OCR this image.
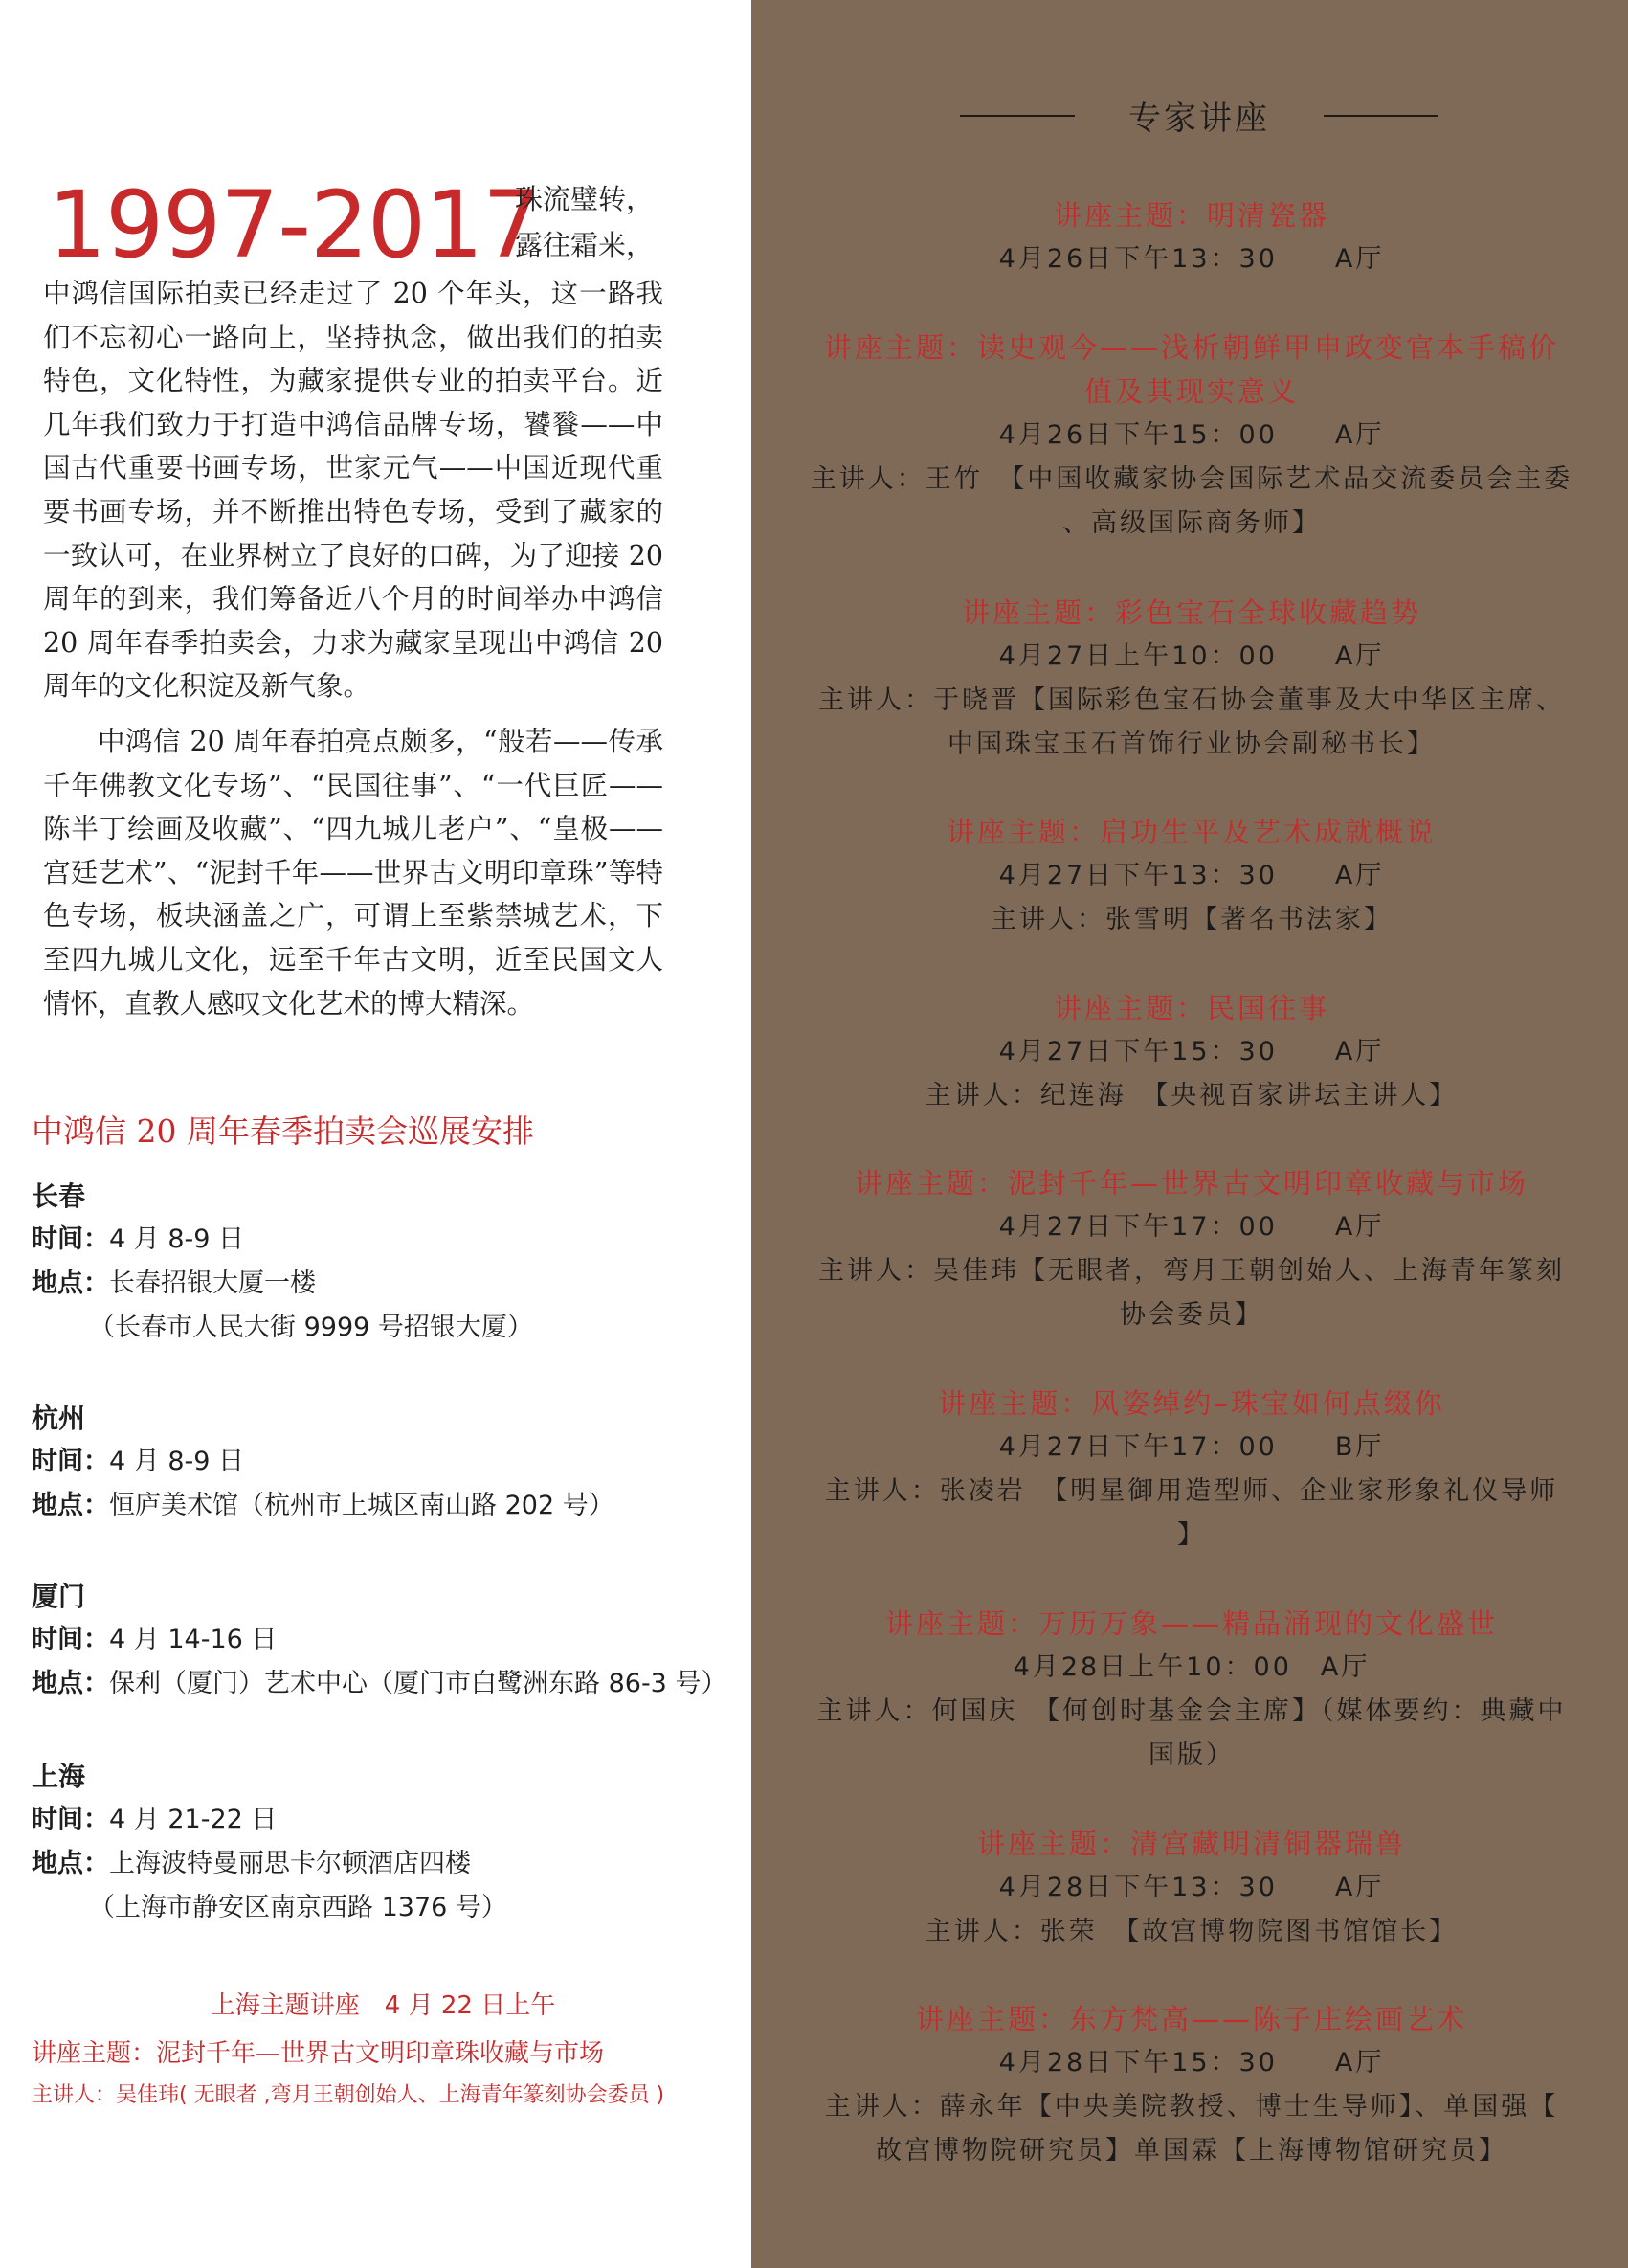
1997-2017
珠流璧转，
露往霜来，

中鸿信国际拍卖已经走过了 20 个年头，这一路我们不忘初心一路向上，坚持执念，做出我们的拍卖特色，文化特性，为藏家提供专业的拍卖平台。近几年我们致力于打造中鸿信品牌专场，饕餮——中国古代重要书画专场，世家元气——中国近现代重要书画专场，并不断推出特色专场，受到了藏家的一致认可，在业界树立了良好的口碑，为了迎接 20 周年的到来，我们筹备近八个月的时间举办中鸿信 20 周年春季拍卖会，力求为藏家呈现出中鸿信 20 周年的文化积淀及新气象。

中鸿信 20 周年春拍亮点颇多，“般若——传承千年佛教文化专场”、“民国往事”、“一代巨匠——陈半丁绘画及收藏”、“四九城儿老户”、“皇极——宫廷艺术”、“泥封千年——世界古文明印章珠”等特色专场，板块涵盖之广，可谓上至紫禁城艺术，下至四九城儿文化，远至千年古文明，近至民国文人情怀，直教人感叹文化艺术的博大精深。

中鸿信 20 周年春季拍卖会巡展安排
长春
时间：4 月 8-9 日
地点：长春招银大厦一楼
（长春市人民大街 9999 号招银大厦）
杭州
时间：4 月 8-9 日
地点：恒庐美术馆（杭州市上城区南山路 202 号）
厦门
时间：4 月 14-16 日
地点：保利（厦门）艺术中心（厦门市白鹭洲东路 86-3 号）
上海
时间：4 月 21-22 日
地点：上海波特曼丽思卡尔顿酒店四楼
（上海市静安区南京西路 1376 号）
上海主题讲座　4 月 22 日上午
讲座主题：泥封千年—世界古文明印章珠收藏与市场
主讲人：吴佳玮( 无眼者 ,弯月王朝创始人、上海青年篆刻协会委员 )
专家讲座
讲座主题：明清瓷器
4月26日下午13：30　　A厅
讲座主题：读史观今——浅析朝鲜甲申政变官本手稿价
值及其现实意义
4月26日下午15：00　　A厅
主讲人：王竹　【中国收藏家协会国际艺术品交流委员会主委
、高级国际商务师】
讲座主题：彩色宝石全球收藏趋势
4月27日上午10：00　　A厅
主讲人：于晓晋【国际彩色宝石协会董事及大中华区主席、
中国珠宝玉石首饰行业协会副秘书长】
讲座主题：启功生平及艺术成就概说
4月27日下午13：30　　A厅
主讲人：张雪明【著名书法家】
讲座主题：民国往事
4月27日下午15：30　　A厅
主讲人：纪连海　【央视百家讲坛主讲人】
讲座主题：泥封千年—世界古文明印章收藏与市场
4月27日下午17：00　　A厅
主讲人：吴佳玮【无眼者，弯月王朝创始人、上海青年篆刻
协会委员】
讲座主题：风姿绰约–珠宝如何点缀你
4月27日下午17：00　　B厅
主讲人：张凌岩　【明星御用造型师、企业家形象礼仪导师
】
讲座主题：万历万象——精品涌现的文化盛世
4月28日上午10：00　A厅
主讲人：何国庆　【何创时基金会主席】（媒体要约：典藏中
国版）
讲座主题：清宫藏明清铜器瑞兽
4月28日下午13：30　　A厅
主讲人：张荣　【故宫博物院图书馆馆长】
讲座主题：东方梵高——陈子庄绘画艺术
4月28日下午15：30　　A厅
主讲人：薛永年【中央美院教授、博士生导师】、单国强【
故宫博物院研究员】单国霖【上海博物馆研究员】
